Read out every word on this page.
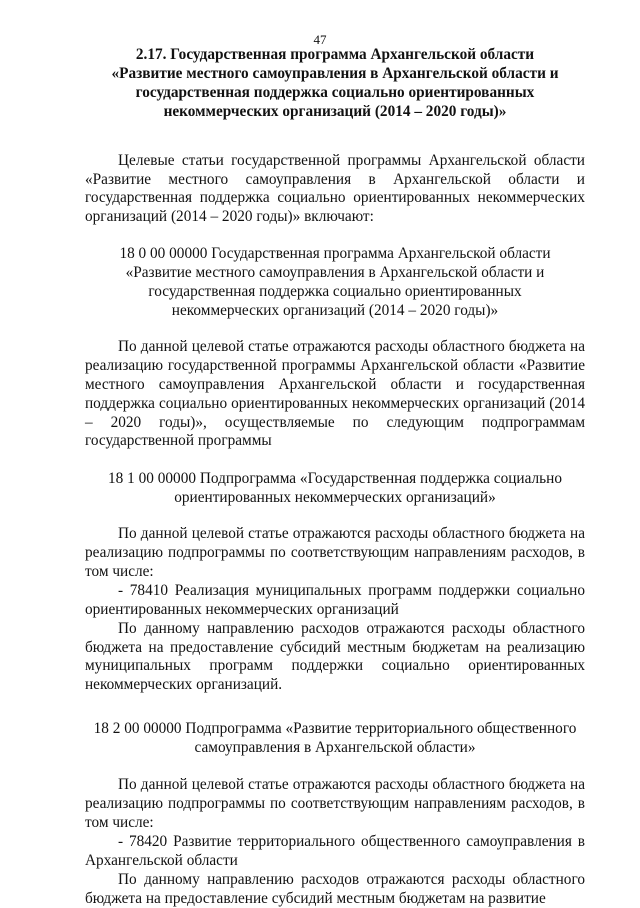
47
2.17. Государственная программа Архангельской области
«Развитие местного самоуправления в Архангельской области и
государственная поддержка социально ориентированных
некоммерческих организаций (2014 – 2020 годы)»

Целевые статьи государственной программы Архангельской области «Развитие местного самоуправления в Архангельской области и государственная поддержка социально ориентированных некоммерческих организаций (2014 – 2020 годы)» включают:

18 0 00 00000 Государственная программа Архангельской области
«Развитие местного самоуправления в Архангельской области и
государственная поддержка социально ориентированных
некоммерческих организаций (2014 – 2020 годы)»

По данной целевой статье отражаются расходы областного бюджета на реализацию государственной программы Архангельской области «Развитие местного самоуправления Архангельской области и государственная поддержка социально ориентированных некоммерческих организаций (2014 – 2020 годы)», осуществляемые по следующим подпрограммам государственной программы

18 1 00 00000 Подпрограмма «Государственная поддержка социально
ориентированных некоммерческих организаций»

По данной целевой статье отражаются расходы областного бюджета на реализацию подпрограммы по соответствующим направлениям расходов, в том числе:

- 78410 Реализация муниципальных программ поддержки социально ориентированных некоммерческих организаций

По данному направлению расходов отражаются расходы областного бюджета на предоставление субсидий местным бюджетам на реализацию муниципальных программ поддержки социально ориентированных некоммерческих организаций.

18 2 00 00000 Подпрограмма «Развитие территориального общественного
самоуправления в Архангельской области»

По данной целевой статье отражаются расходы областного бюджета на реализацию подпрограммы по соответствующим направлениям расходов, в том числе:

- 78420 Развитие территориального общественного самоуправления в Архангельской области

По данному направлению расходов отражаются расходы областного бюджета на предоставление субсидий местным бюджетам на развитие
